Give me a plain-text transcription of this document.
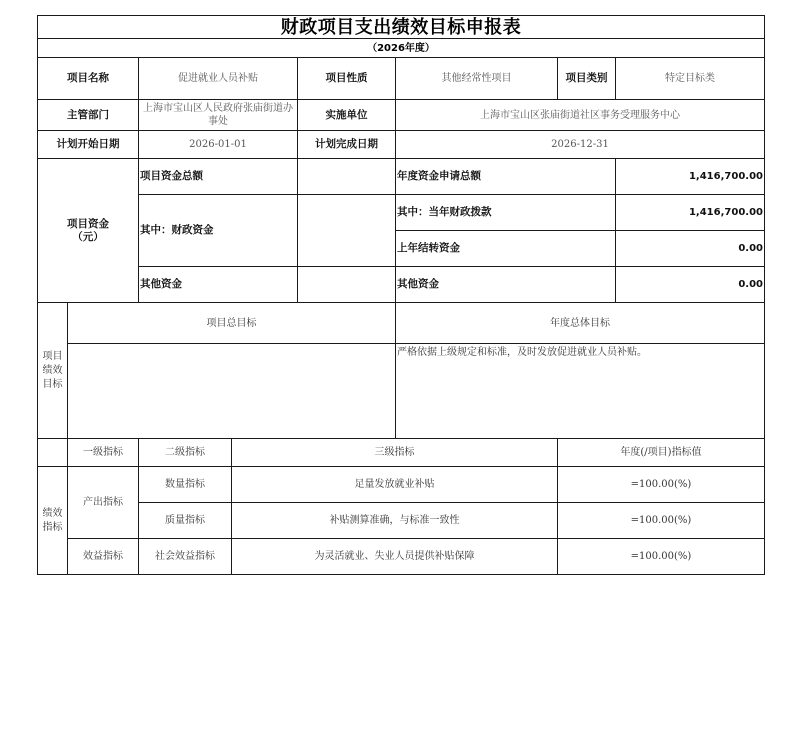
财政项目支出绩效目标申报表							
（2026年度）							
项目名称		促进就业人员补贴		项目性质	其他经常性项目	项目类别	特定目标类
主管部门		上海市宝山区人民政府张庙街道办事处		实施单位	上海市宝山区张庙街道社区事务受理服务中心		
计划开始日期		2026-01-01		计划完成日期	2026-12-31		

项目资金
（元）		项目资金总额			年度资金申请总额		1,416,700.00
		其中：财政资金			其中：当年财政拨款		1,416,700.00
					上年结转资金		0.00
		其他资金			其他资金		0.00

项目
绩效
目标	项目总目标				年度总体目标		
					严格依据上级规定和标准，及时发放促进就业人员补贴。		
	一级指标	二级指标	三级指标			年度(/项目)指标值	

绩效
指标	产出指标	数量指标	足量发放就业补贴			=100.00(%)	
		质量指标	补贴测算准确，与标准一致性			=100.00(%)	
	效益指标	社会效益指标	为灵活就业、失业人员提供补贴保障			=100.00(%)	
